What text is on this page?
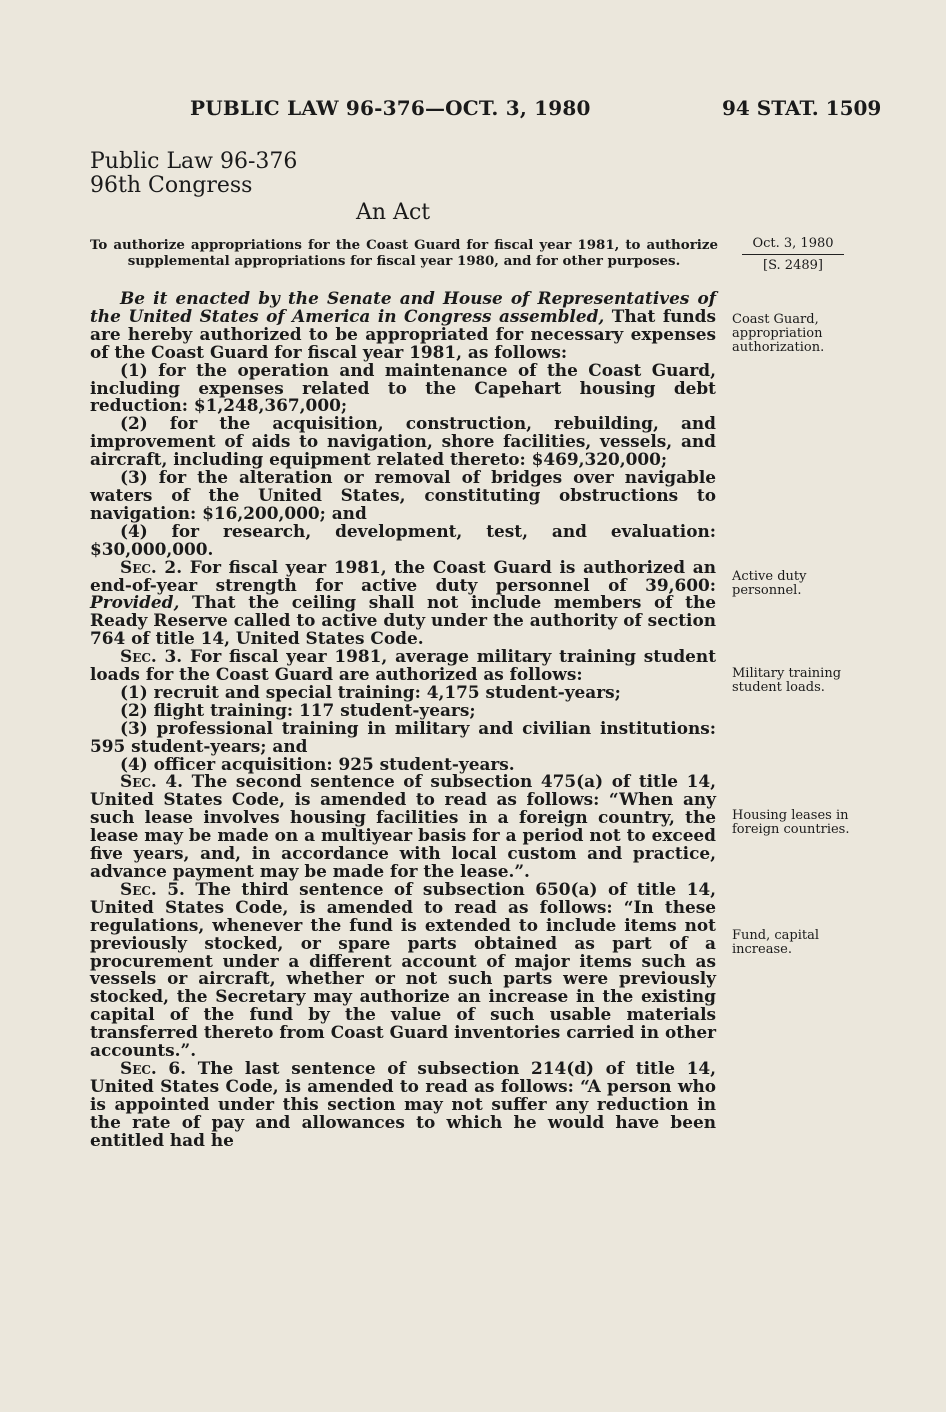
PUBLIC LAW 96-376—OCT. 3, 1980	94 STAT. 1509
Public Law 96-376
96th Congress
An Act
To authorize appropriations for the Coast Guard for fiscal year 1981, to authorize supplemental appropriations for fiscal year 1980, and for other purposes.
Oct. 3, 1980
[S. 2489]
Coast Guard, appropriation authorization.
Active duty personnel.
Military training student loads.
Housing leases in foreign countries.
Fund, capital increase.

Be it enacted by the Senate and House of Representatives of the United States of America in Congress assembled, That funds are hereby authorized to be appropriated for necessary expenses of the Coast Guard for fiscal year 1981, as follows:

(1) for the operation and maintenance of the Coast Guard, including expenses related to the Capehart housing debt reduction: $1,248,367,000;

(2) for the acquisition, construction, rebuilding, and improvement of aids to navigation, shore facilities, vessels, and aircraft, including equipment related thereto: $469,320,000;

(3) for the alteration or removal of bridges over navigable waters of the United States, constituting obstructions to navigation: $16,200,000; and

(4) for research, development, test, and evaluation: $30,000,000.

Sec. 2. For fiscal year 1981, the Coast Guard is authorized an end-of-year strength for active duty personnel of 39,600: Provided, That the ceiling shall not include members of the Ready Reserve called to active duty under the authority of section 764 of title 14, United States Code.

Sec. 3. For fiscal year 1981, average military training student loads for the Coast Guard are authorized as follows:

(1) recruit and special training: 4,175 student-years;

(2) flight training: 117 student-years;

(3) professional training in military and civilian institutions: 595 student-years; and

(4) officer acquisition: 925 student-years.

Sec. 4. The second sentence of subsection 475(a) of title 14, United States Code, is amended to read as follows: “When any such lease involves housing facilities in a foreign country, the lease may be made on a multiyear basis for a period not to exceed five years, and, in accordance with local custom and practice, advance payment may be made for the lease.”.

Sec. 5. The third sentence of subsection 650(a) of title 14, United States Code, is amended to read as follows: “In these regulations, whenever the fund is extended to include items not previously stocked, or spare parts obtained as part of a procurement under a different account of major items such as vessels or aircraft, whether or not such parts were previously stocked, the Secretary may authorize an increase in the existing capital of the fund by the value of such usable materials transferred thereto from Coast Guard inventories carried in other accounts.”.

Sec. 6. The last sentence of subsection 214(d) of title 14, United States Code, is amended to read as follows: “A person who is appointed under this section may not suffer any reduction in the rate of pay and allowances to which he would have been entitled had he
